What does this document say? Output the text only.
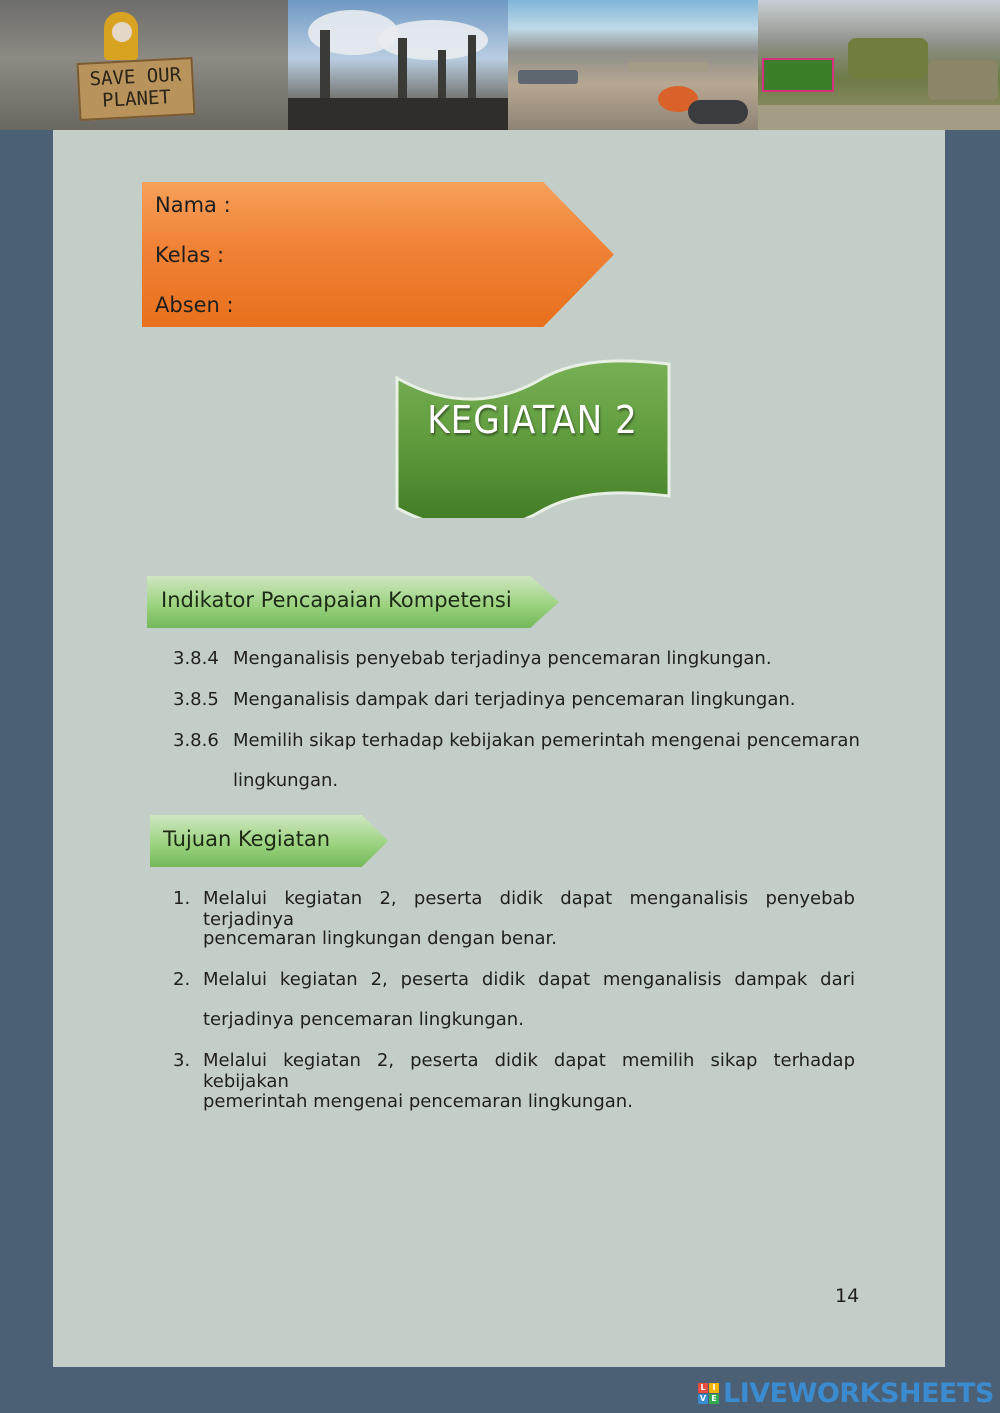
SAVE OUR
PLANET
Nama :
Kelas :
Absen :
KEGIATAN 2
Indikator Pencapaian Kompetensi
3.8.4 Menganalisis penyebab terjadinya pencemaran lingkungan.
3.8.5 Menganalisis dampak dari terjadinya pencemaran lingkungan.
3.8.6 Memilih sikap terhadap kebijakan pemerintah mengenai pencemaran
lingkungan.
Tujuan Kegiatan
1. Melalui kegiatan 2, peserta didik dapat menganalisis penyebab terjadinya
pencemaran lingkungan dengan benar.
2. Melalui kegiatan 2, peserta didik dapat menganalisis dampak dari
terjadinya pencemaran lingkungan.
3. Melalui kegiatan 2, peserta didik dapat memilih sikap terhadap kebijakan
pemerintah mengenai pencemaran lingkungan.
14
L I
V E LIVEWORKSHEETS
